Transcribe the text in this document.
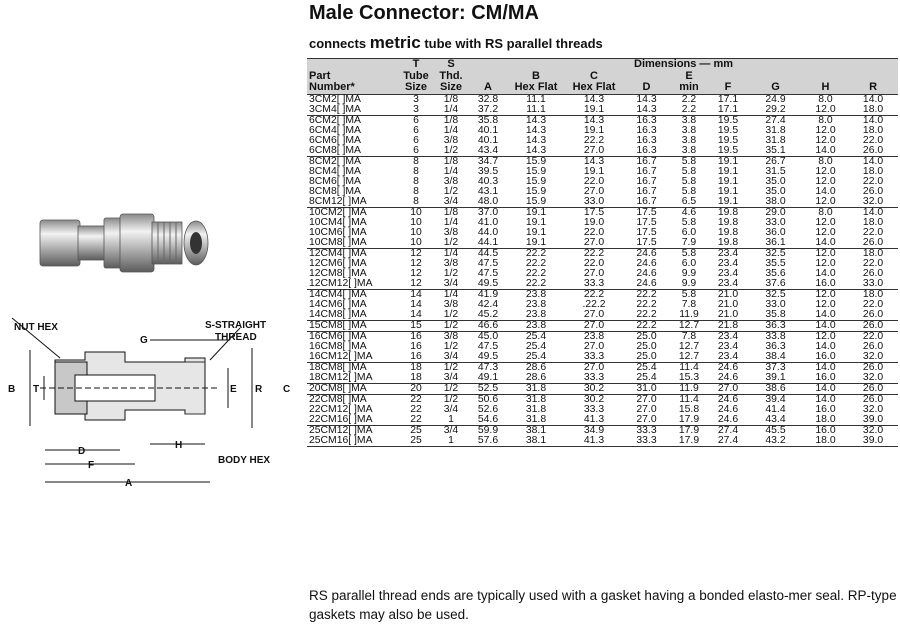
Male Connector: CM/MA
connects metric tube with RS parallel threads
NUT HEX	S-STRAIGHT
THREAD
G
B T	E R C
D
H
F
A
BODY HEX
	T	S	Dimensions — mm								
Part	Tube	Thd.		B	C		E				
Number*	Size	Size	A	Hex Flat	Hex Flat	D	min	F	G	H	R
3CM2[ ]MA	3	1/8	32.8	11.1	14.3	14.3	2.2	17.1	24.9	8.0	14.0
3CM4[ ]MA	3	1/4	37.2	11.1	19.1	14.3	2.2	17.1	29.2	12.0	18.0
6CM2[ ]MA	6	1/8	35.8	14.3	14.3	16.3	3.8	19.5	27.4	8.0	14.0
6CM4[ ]MA	6	1/4	40.1	14.3	19.1	16.3	3.8	19.5	31.8	12.0	18.0
6CM6[ ]MA	6	3/8	40.1	14.3	22.2	16.3	3.8	19.5	31.8	12.0	22.0
6CM8[ ]MA	6	1/2	43.4	14.3	27.0	16.3	3.8	19.5	35.1	14.0	26.0
8CM2[ ]MA	8	1/8	34.7	15.9	14.3	16.7	5.8	19.1	26.7	8.0	14.0
8CM4[ ]MA	8	1/4	39.5	15.9	19.1	16.7	5.8	19.1	31.5	12.0	18.0
8CM6[ ]MA	8	3/8	40.3	15.9	22.0	16.7	5.8	19.1	35.0	12.0	22.0
8CM8[ ]MA	8	1/2	43.1	15.9	27.0	16.7	5.8	19.1	35.0	14.0	26.0
8CM12[ ]MA	8	3/4	48.0	15.9	33.0	16.7	6.5	19.1	38.0	12.0	32.0
10CM2[ ]MA	10	1/8	37.0	19.1	17.5	17.5	4.6	19.8	29.0	8.0	14.0
10CM4[ ]MA	10	1/4	41.0	19.1	19.0	17.5	5.8	19.8	33.0	12.0	18.0
10CM6[ ]MA	10	3/8	44.0	19.1	22.0	17.5	6.0	19.8	36.0	12.0	22.0
10CM8[ ]MA	10	1/2	44.1	19.1	27.0	17.5	7.9	19.8	36.1	14.0	26.0
12CM4[ ]MA	12	1/4	44.5	22.2	22.2	24.6	5.8	23.4	32.5	12.0	18.0
12CM6[ ]MA	12	3/8	47.5	22.2	22.0	24.6	6.0	23.4	35.5	12.0	22.0
12CM8[ ]MA	12	1/2	47.5	22.2	27.0	24.6	9.9	23.4	35.6	14.0	26.0
12CM12[ ]MA	12	3/4	49.5	22.2	33.3	24.6	9.9	23.4	37.6	16.0	33.0
14CM4[ ]MA	14	1/4	41.9	23.8	22.2	22.2	5.8	21.0	32.5	12.0	18.0
14CM6[ ]MA	14	3/8	42.4	23.8	.22.2	22.2	7.8	21.0	33.0	12.0	22.0
14CM8[ ]MA	14	1/2	45.2	23.8	27.0	22.2	11.9	21.0	35.8	14.0	26.0
15CM8[ ]MA	15	1/2	46.6	23.8	27.0	22.2	12.7	21.8	36.3	14.0	26.0
16CM6[ ]MA	16	3/8	45.0	25.4	23.8	25.0	7.8	23.4	33.8	12.0	22.0
16CM8[ ]MA	16	1/2	47.5	25.4	27.0	25.0	12.7	23.4	36.3	14.0	26.0
16CM12[ ]MA	16	3/4	49.5	25.4	33.3	25.0	12.7	23.4	38.4	16.0	32.0
18CM8[ ]MA	18	1/2	47.3	28.6	27.0	25.4	11.4	24.6	37.3	14.0	26.0
18CM12[ ]MA	18	3/4	49.1	28.6	33.3	25.4	15.3	24.6	39.1	16.0	32.0
20CM8[ ]MA	20	1/2	52.5	31.8	30.2	31.0	11.9	27.0	38.6	14.0	26.0
22CM8[ ]MA	22	1/2	50.6	31.8	30.2	27.0	11.4	24.6	39.4	14.0	26.0
22CM12[ ]MA	22	3/4	52.6	31.8	33.3	27.0	15.8	24.6	41.4	16.0	32.0
22CM16[ ]MA	22	1	54.6	31.8	41.3	27.0	17.9	24.6	43.4	18.0	39.0
25CM12[ ]MA	25	3/4	59.9	38.1	34.9	33.3	17.9	27.4	45.5	16.0	32.0
25CM16[ ]MA	25	1	57.6	38.1	41.3	33.3	17.9	27.4	43.2	18.0	39.0
RS parallel thread ends are typically used with a gasket having a bonded elasto-mer seal. RP-type gaskets may also be used.
